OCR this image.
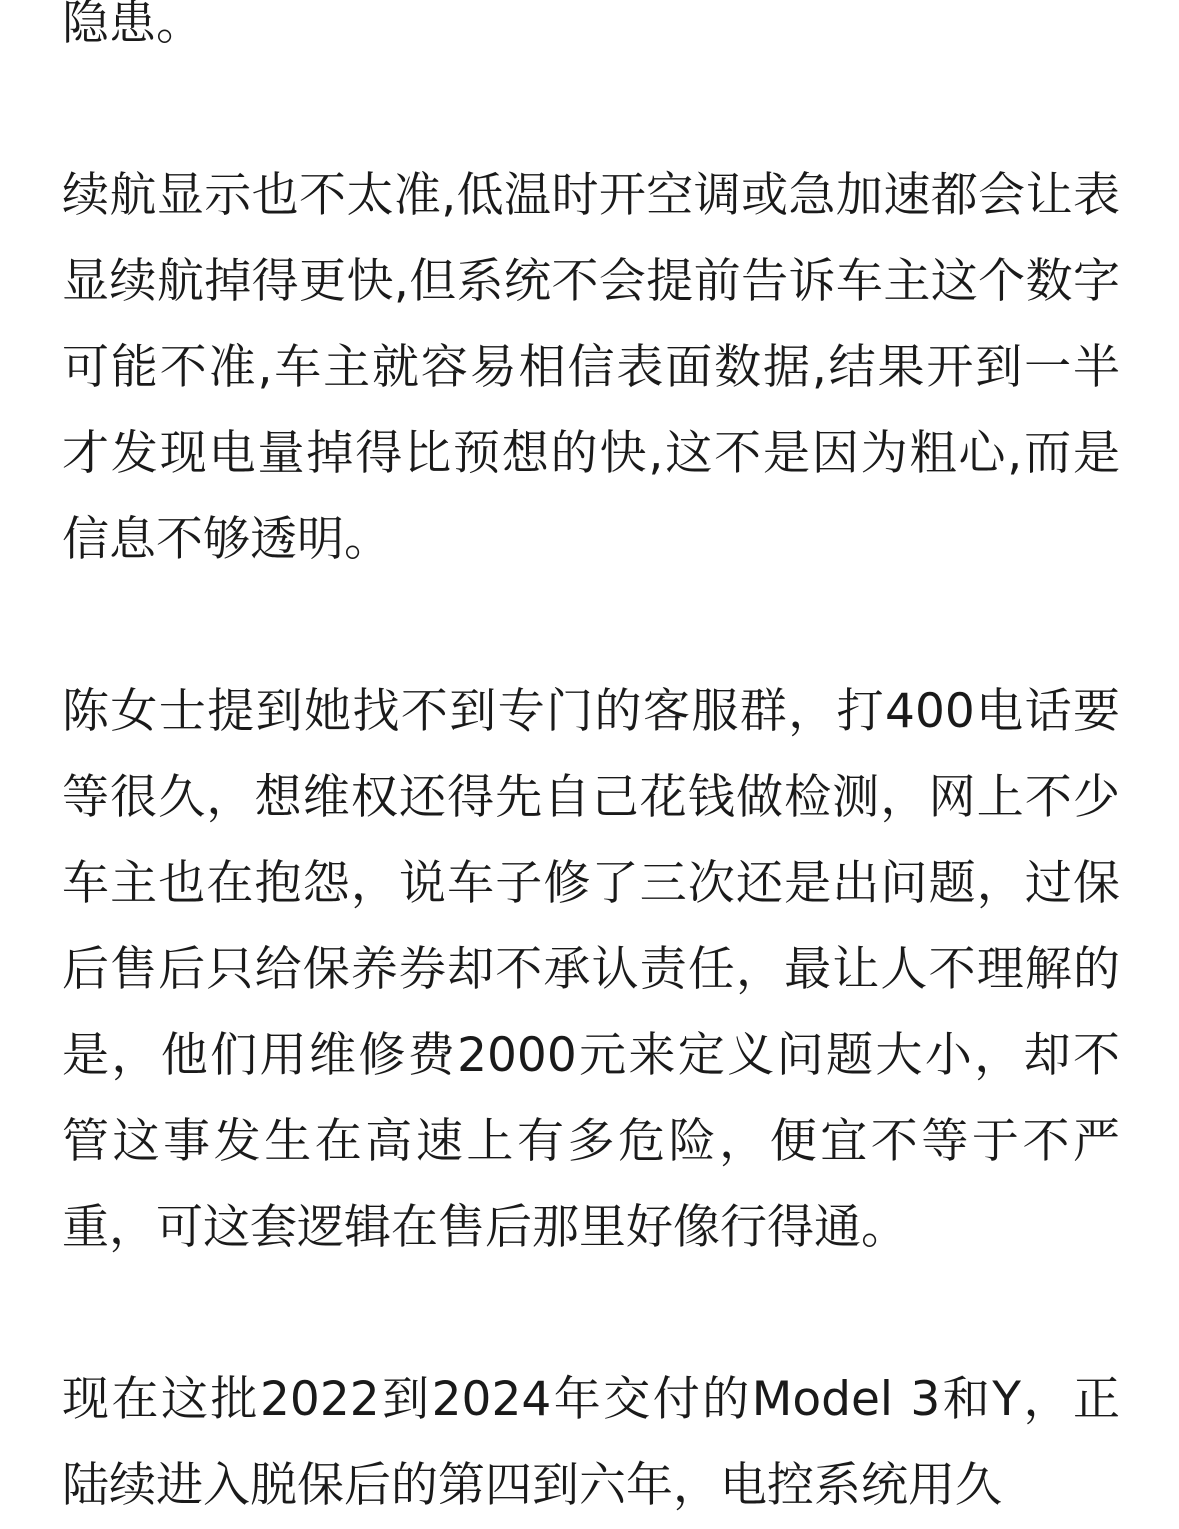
隐患。

续航显示也不太准,低温时开空调或急加速都会让表显续航掉得更快,但系统不会提前告诉车主这个数字可能不准,车主就容易相信表面数据,结果开到一半才发现电量掉得比预想的快,这不是因为粗心,而是信息不够透明。

陈女士提到她找不到专门的客服群，打400电话要等很久，想维权还得先自己花钱做检测，网上不少车主也在抱怨，说车子修了三次还是出问题，过保后售后只给保养券却不承认责任，最让人不理解的是，他们用维修费2000元来定义问题大小，却不管这事发生在高速上有多危险，便宜不等于不严重，可这套逻辑在售后那里好像行得通。

现在这批2022到2024年交付的Model 3和Y，正陆续进入脱保后的第四到六年，电控系统用久
